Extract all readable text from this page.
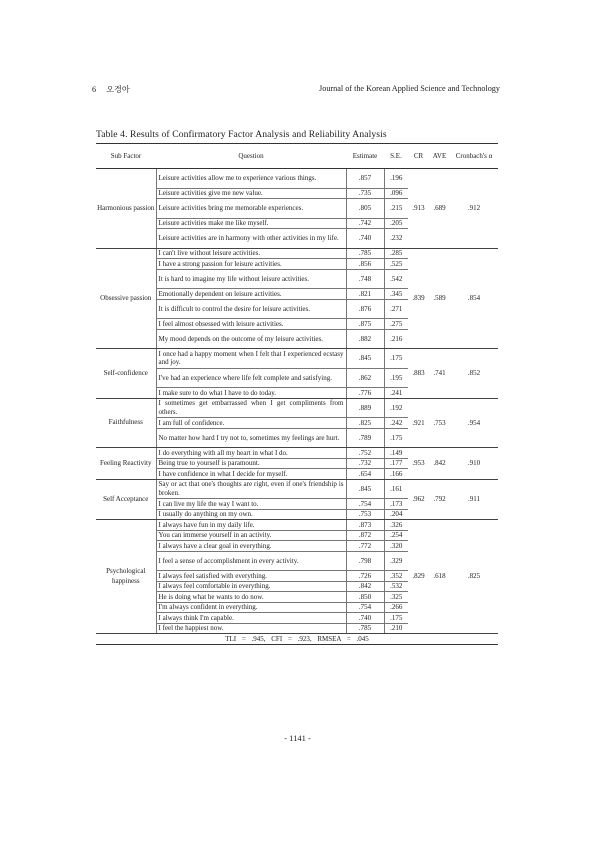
6 오경아	Journal of the Korean Applied Science and Technology
Table 4. Results of Confirmatory Factor Analysis and Reliability Analysis
Sub Factor	Question	Estimate	S.E.	CR	AVE	Cronbach's α
Harmonious passion	Leisure activities allow me to experience various things.	.857	.196	.913	.689	.912
	Leisure activities give me new value.	.735	.096			
	Leisure activities bring me memorable experiences.	.805	.215			
	Leisure activities make me like myself.	.742	.205			
	Leisure activities are in harmony with other activities in my life.	.740	.232			
Obsessive passion	I can't live without leisure activities.	.785	.285	.839	.589	.854
	I have a strong passion for leisure activities.	.856	.525			
	It is hard to imagine my life without leisure activities.	.748	.542			
	Emotionally dependent on leisure activities.	.821	.345			
	It is difficult to control the desire for leisure activities.	.876	.271			
	I feel almost obsessed with leisure activities.	.875	.275			
	My mood depends on the outcome of my leisure activities.	.882	.216			
Self-confidence	I once had a happy moment when I felt that I experienced ecstasy and joy.	.845	.175	.883	.741	.852
	I've had an experience where life felt complete and satisfying.	.862	.195			
	I make sure to do what I have to do today.	.776	.241			
Faithfulness	I sometimes get embarrassed when I get compliments from others.	.889	.192	.921	.753	.954
	I am full of confidence.	.825	.242			
	No matter how hard I try not to, sometimes my feelings are hurt.	.789	.175			
Feeling Reactivity	I do everything with all my heart in what I do.	.752	.149	.953	.842	.910
	Being true to yourself is paramount.	.732	.177			
	I have confidence in what I decide for myself.	.654	.166			
Self Acceptance	Say or act that one's thoughts are right, even if one's friendship is broken.	.845	.161	.962	.792	.911
	I can live my life the way I want to.	.754	.173			
	I usually do anything on my own.	.753	.204			
Psychological happiness	I always have fun in my daily life.	.873	.326	.829	.618	.825
	You can immerse yourself in an activity.	.872	.254			
	I always have a clear goal in everything.	.772	.320			
	I feel a sense of accomplishment in every activity.	.798	.329			
	I always feel satisfied with everything.	.726	.352			
	I always feel comfortable in everything.	.842	.532			
	He is doing what he wants to do now.	.850	.325			
	I'm always confident in everything.	.754	.266			
	I always think I'm capable.	.740	.175			
	I feel the happiest now.	.785	.210			
TLI = .945, CFI = .923, RMSEA = .045						
- 1141 -
